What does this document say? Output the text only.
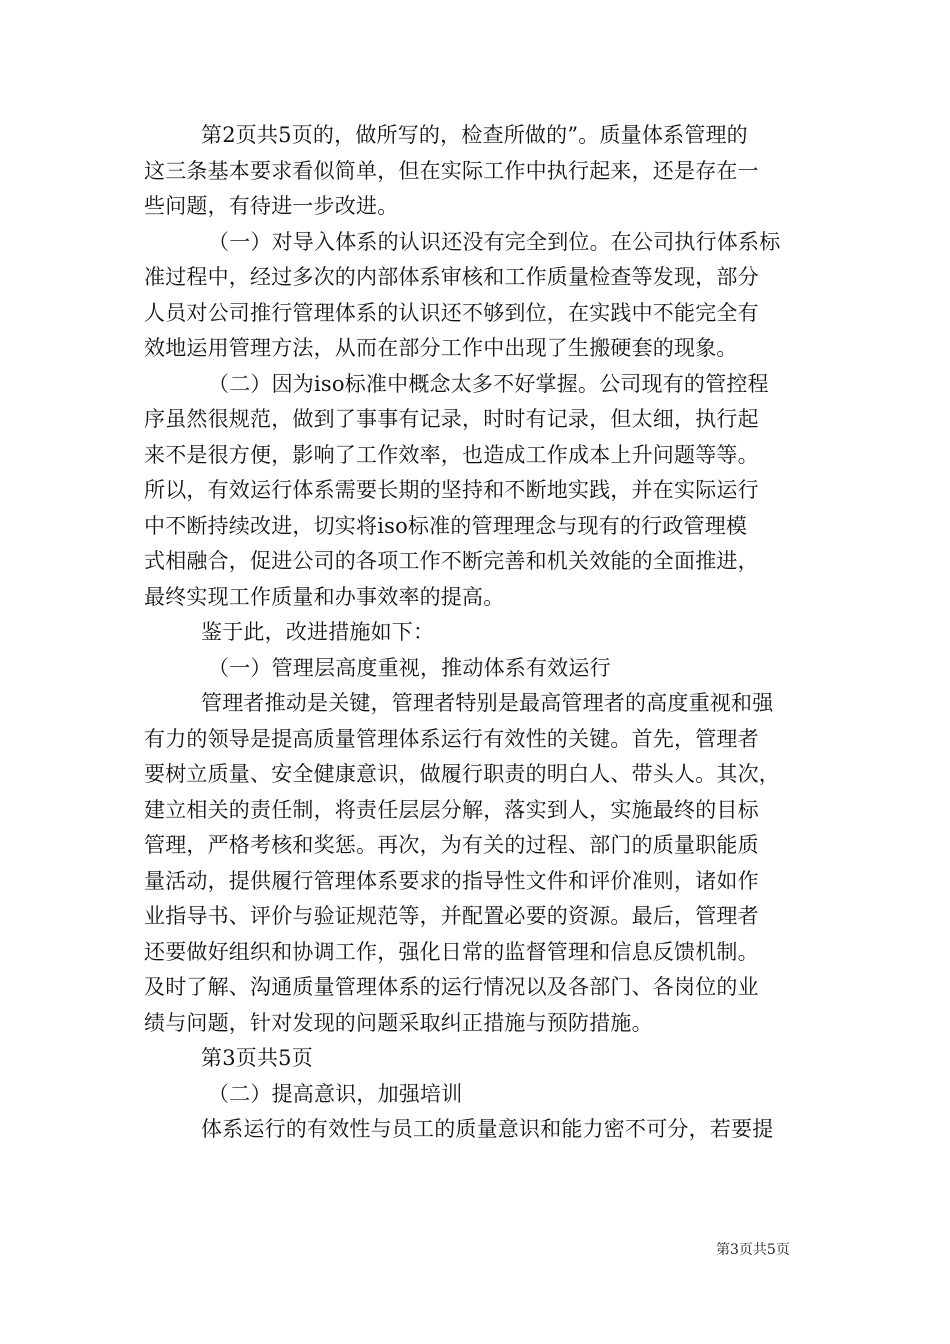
第2页共5页的，做所写的，检查所做的”。质量体系管理的
这三条基本要求看似简单，但在实际工作中执行起来，还是存在一
些问题，有待进一步改进。
（一）对导入体系的认识还没有完全到位。在公司执行体系标
准过程中，经过多次的内部体系审核和工作质量检查等发现，部分
人员对公司推行管理体系的认识还不够到位，在实践中不能完全有
效地运用管理方法，从而在部分工作中出现了生搬硬套的现象。
（二）因为iso标准中概念太多不好掌握。公司现有的管控程
序虽然很规范，做到了事事有记录，时时有记录，但太细，执行起
来不是很方便，影响了工作效率，也造成工作成本上升问题等等。
所以，有效运行体系需要长期的坚持和不断地实践，并在实际运行
中不断持续改进，切实将iso标准的管理理念与现有的行政管理模
式相融合，促进公司的各项工作不断完善和机关效能的全面推进，
最终实现工作质量和办事效率的提高。
鉴于此，改进措施如下：
（一）管理层高度重视，推动体系有效运行
管理者推动是关键，管理者特别是最高管理者的高度重视和强
有力的领导是提高质量管理体系运行有效性的关键。首先，管理者
要树立质量、安全健康意识，做履行职责的明白人、带头人。其次，
建立相关的责任制，将责任层层分解，落实到人，实施最终的目标
管理，严格考核和奖惩。再次，为有关的过程、部门的质量职能质
量活动，提供履行管理体系要求的指导性文件和评价准则，诸如作
业指导书、评价与验证规范等，并配置必要的资源。最后，管理者
还要做好组织和协调工作，强化日常的监督管理和信息反馈机制。
及时了解、沟通质量管理体系的运行情况以及各部门、各岗位的业
绩与问题，针对发现的问题采取纠正措施与预防措施。
第3页共5页
（二）提高意识，加强培训
体系运行的有效性与员工的质量意识和能力密不可分，若要提
第3页共5页
